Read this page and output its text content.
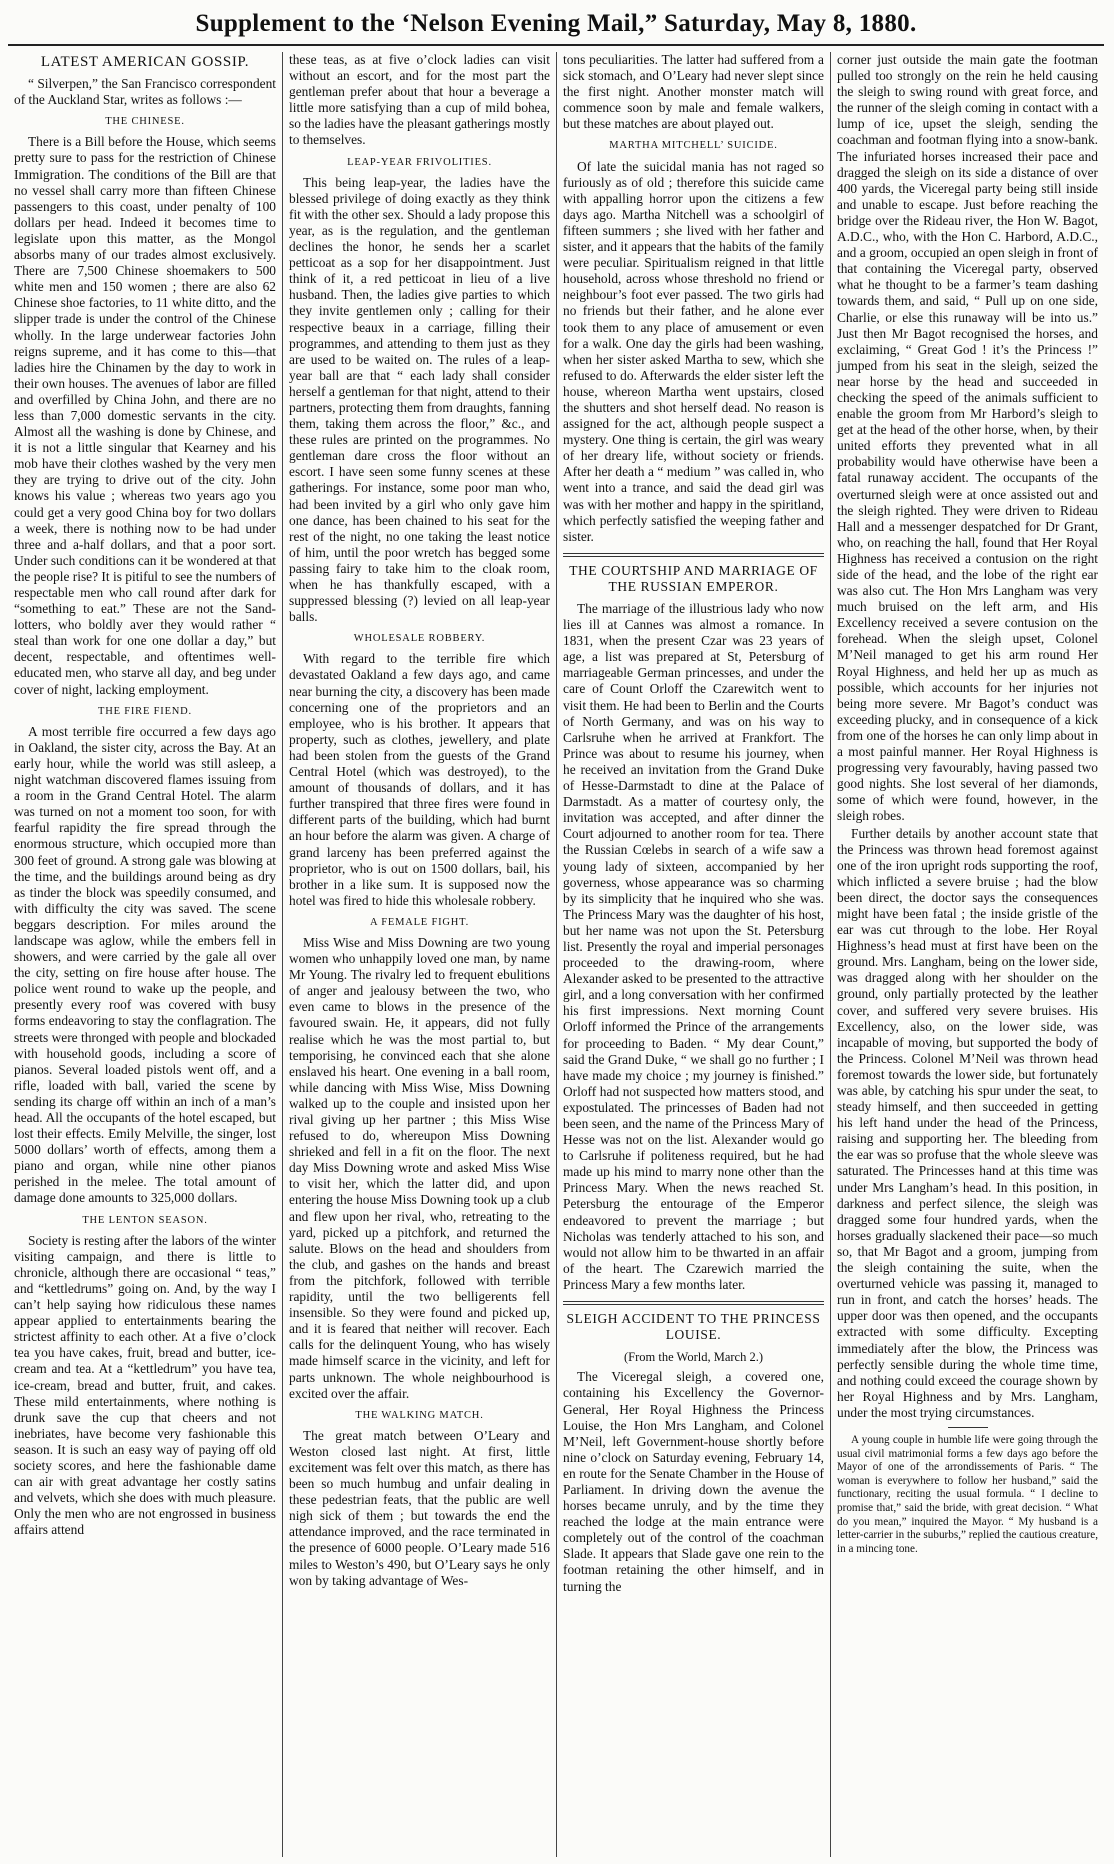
Supplement to the ‘Nelson Evening Mail,” Saturday, May 8, 1880.
LATEST AMERICAN GOSSIP.

“ Silverpen,” the San Francisco correspondent of the Auckland Star, writes as follows :—

THE CHINESE.

There is a Bill before the House, which seems pretty sure to pass for the restriction of Chinese Immigration. The conditions of the Bill are that no vessel shall carry more than fifteen Chinese passengers to this coast, under penalty of 100 dollars per head. Indeed it becomes time to legislate upon this matter, as the Mongol absorbs many of our trades almost exclusively. There are 7,500 Chinese shoemakers to 500 white men and 150 women ; there are also 62 Chinese shoe factories, to 11 white ditto, and the slipper trade is under the control of the Chinese wholly. In the large underwear factories John reigns supreme, and it has come to this—that ladies hire the Chinamen by the day to work in their own houses. The avenues of labor are filled and overfilled by China John, and there are no less than 7,000 domestic servants in the city. Almost all the washing is done by Chinese, and it is not a little singular that Kearney and his mob have their clothes washed by the very men they are trying to drive out of the city. John knows his value ; whereas two years ago you could get a very good China boy for two dollars a week, there is nothing now to be had under three and a-half dollars, and that a poor sort. Under such conditions can it be wondered at that the people rise? It is pitiful to see the numbers of respectable men who call round after dark for “something to eat.” These are not the Sand-lotters, who boldly aver they would rather “ steal than work for one one dollar a day,” but decent, respectable, and oftentimes well-educated men, who starve all day, and beg under cover of night, lacking employment.

THE FIRE FIEND.

A most terrible fire occurred a few days ago in Oakland, the sister city, across the Bay. At an early hour, while the world was still asleep, a night watchman discovered flames issuing from a room in the Grand Central Hotel. The alarm was turned on not a moment too soon, for with fearful rapidity the fire spread through the enormous structure, which occupied more than 300 feet of ground. A strong gale was blowing at the time, and the buildings around being as dry as tinder the block was speedily consumed, and with difficulty the city was saved. The scene beggars description. For miles around the landscape was aglow, while the embers fell in showers, and were carried by the gale all over the city, setting on fire house after house. The police went round to wake up the people, and presently every roof was covered with busy forms endeavoring to stay the conflagration. The streets were thronged with people and blockaded with household goods, including a score of pianos. Several loaded pistols went off, and a rifle, loaded with ball, varied the scene by sending its charge off within an inch of a man’s head. All the occupants of the hotel escaped, but lost their effects. Emily Melville, the singer, lost 5000 dollars’ worth of effects, among them a piano and organ, while nine other pianos perished in the melee. The total amount of damage done amounts to 325,000 dollars.

THE LENTON SEASON.

Society is resting after the labors of the winter visiting campaign, and there is little to chronicle, although there are occasional “ teas,” and “kettledrums” going on. And, by the way I can’t help saying how ridiculous these names appear applied to entertainments bearing the strictest affinity to each other. At a five o’clock tea you have cakes, fruit, bread and butter, ice-cream and tea. At a “kettledrum” you have tea, ice-cream, bread and butter, fruit, and cakes. These mild entertainments, where nothing is drunk save the cup that cheers and not inebriates, have become very fashionable this season. It is such an easy way of paying off old society scores, and here the fashionable dame can air with great advantage her costly satins and velvets, which she does with much pleasure. Only the men who are not engrossed in business affairs attend

these teas, as at five o’clock ladies can visit without an escort, and for the most part the gentleman prefer about that hour a beverage a little more satisfying than a cup of mild bohea, so the ladies have the pleasant gatherings mostly to themselves.

LEAP-YEAR FRIVOLITIES.

This being leap-year, the ladies have the blessed privilege of doing exactly as they think fit with the other sex. Should a lady propose this year, as is the regulation, and the gentleman declines the honor, he sends her a scarlet petticoat as a sop for her disappointment. Just think of it, a red petticoat in lieu of a live husband. Then, the ladies give parties to which they invite gentlemen only ; calling for their respective beaux in a carriage, filling their programmes, and attending to them just as they are used to be waited on. The rules of a leap-year ball are that “ each lady shall consider herself a gentleman for that night, attend to their partners, protecting them from draughts, fanning them, taking them across the floor,” &c., and these rules are printed on the programmes. No gentleman dare cross the floor without an escort. I have seen some funny scenes at these gatherings. For instance, some poor man who, had been invited by a girl who only gave him one dance, has been chained to his seat for the rest of the night, no one taking the least notice of him, until the poor wretch has begged some passing fairy to take him to the cloak room, when he has thankfully escaped, with a suppressed blessing (?) levied on all leap-year balls.

WHOLESALE ROBBERY.

With regard to the terrible fire which devastated Oakland a few days ago, and came near burning the city, a discovery has been made concerning one of the proprietors and an employee, who is his brother. It appears that property, such as clothes, jewellery, and plate had been stolen from the guests of the Grand Central Hotel (which was destroyed), to the amount of thousands of dollars, and it has further transpired that three fires were found in different parts of the building, which had burnt an hour before the alarm was given. A charge of grand larceny has been preferred against the proprietor, who is out on 1500 dollars, bail, his brother in a like sum. It is supposed now the hotel was fired to hide this wholesale robbery.

A FEMALE FIGHT.

Miss Wise and Miss Downing are two young women who unhappily loved one man, by name Mr Young. The rivalry led to frequent ebulitions of anger and jealousy between the two, who even came to blows in the presence of the favoured swain. He, it appears, did not fully realise which he was the most partial to, but temporising, he convinced each that she alone enslaved his heart. One evening in a ball room, while dancing with Miss Wise, Miss Downing walked up to the couple and insisted upon her rival giving up her partner ; this Miss Wise refused to do, whereupon Miss Downing shrieked and fell in a fit on the floor. The next day Miss Downing wrote and asked Miss Wise to visit her, which the latter did, and upon entering the house Miss Downing took up a club and flew upon her rival, who, retreating to the yard, picked up a pitchfork, and returned the salute. Blows on the head and shoulders from the club, and gashes on the hands and breast from the pitchfork, followed with terrible rapidity, until the two belligerents fell insensible. So they were found and picked up, and it is feared that neither will recover. Each calls for the delinquent Young, who has wisely made himself scarce in the vicinity, and left for parts unknown. The whole neighbourhood is excited over the affair.

THE WALKING MATCH.

The great match between O’Leary and Weston closed last night. At first, little excitement was felt over this match, as there has been so much humbug and unfair dealing in these pedestrian feats, that the public are well nigh sick of them ; but towards the end the attendance improved, and the race terminated in the presence of 6000 people. O’Leary made 516 miles to Weston’s 490, but O’Leary says he only won by taking advantage of Wes-

tons peculiarities. The latter had suffered from a sick stomach, and O’Leary had never slept since the first night. Another monster match will commence soon by male and female walkers, but these matches are about played out.

MARTHA MITCHELL’ SUICIDE.

Of late the suicidal mania has not raged so furiously as of old ; therefore this suicide came with appalling horror upon the citizens a few days ago. Martha Nitchell was a schoolgirl of fifteen summers ; she lived with her father and sister, and it appears that the habits of the family were peculiar. Spiritualism reigned in that little household, across whose threshold no friend or neighbour’s foot ever passed. The two girls had no friends but their father, and he alone ever took them to any place of amusement or even for a walk. One day the girls had been washing, when her sister asked Martha to sew, which she refused to do. Afterwards the elder sister left the house, whereon Martha went upstairs, closed the shutters and shot herself dead. No reason is assigned for the act, although people suspect a mystery. One thing is certain, the girl was weary of her dreary life, without society or friends. After her death a “ medium ” was called in, who went into a trance, and said the dead girl was was with her mother and happy in the spiritland, which perfectly satisfied the weeping father and sister.

THE COURTSHIP AND MARRIAGE OF THE RUSSIAN EMPEROR.

The marriage of the illustrious lady who now lies ill at Cannes was almost a romance. In 1831, when the present Czar was 23 years of age, a list was prepared at St, Petersburg of marriageable German princesses, and under the care of Count Orloff the Czarewitch went to visit them. He had been to Berlin and the Courts of North Germany, and was on his way to Carlsruhe when he arrived at Frankfort. The Prince was about to resume his journey, when he received an invitation from the Grand Duke of Hesse-Darmstadt to dine at the Palace of Darmstadt. As a matter of courtesy only, the invitation was accepted, and after dinner the Court adjourned to another room for tea. There the Russian Cœlebs in search of a wife saw a young lady of sixteen, accompanied by her governess, whose appearance was so charming by its simplicity that he inquired who she was. The Princess Mary was the daughter of his host, but her name was not upon the St. Petersburg list. Presently the royal and imperial personages proceeded to the drawing-room, where Alexander asked to be presented to the attractive girl, and a long conversation with her confirmed his first impressions. Next morning Count Orloff informed the Prince of the arrangements for proceeding to Baden. “ My dear Count,” said the Grand Duke, “ we shall go no further ; I have made my choice ; my journey is finished.” Orloff had not suspected how matters stood, and expostulated. The princesses of Baden had not been seen, and the name of the Princess Mary of Hesse was not on the list. Alexander would go to Carlsruhe if politeness required, but he had made up his mind to marry none other than the Princess Mary. When the news reached St. Petersburg the entourage of the Emperor endeavored to prevent the marriage ; but Nicholas was tenderly attached to his son, and would not allow him to be thwarted in an affair of the heart. The Czarewich married the Princess Mary a few months later.

SLEIGH ACCIDENT TO THE PRINCESS LOUISE.
(From the World, March 2.)

The Viceregal sleigh, a covered one, containing his Excellency the Governor-General, Her Royal Highness the Princess Louise, the Hon Mrs Langham, and Colonel M’Neil, left Government-house shortly before nine o’clock on Saturday evening, February 14, en route for the Senate Chamber in the House of Parliament. In driving down the avenue the horses became unruly, and by the time they reached the lodge at the main entrance were completely out of the control of the coachman Slade. It appears that Slade gave one rein to the footman retaining the other himself, and in turning the

corner just outside the main gate the footman pulled too strongly on the rein he held causing the sleigh to swing round with great force, and the runner of the sleigh coming in contact with a lump of ice, upset the sleigh, sending the coachman and footman flying into a snow-bank. The infuriated horses increased their pace and dragged the sleigh on its side a distance of over 400 yards, the Viceregal party being still inside and unable to escape. Just before reaching the bridge over the Rideau river, the Hon W. Bagot, A.D.C., who, with the Hon C. Harbord, A.D.C., and a groom, occupied an open sleigh in front of that containing the Viceregal party, observed what he thought to be a farmer’s team dashing towards them, and said, “ Pull up on one side, Charlie, or else this runaway will be into us.” Just then Mr Bagot recognised the horses, and exclaiming, “ Great God ! it’s the Princess !” jumped from his seat in the sleigh, seized the near horse by the head and succeeded in checking the speed of the animals sufficient to enable the groom from Mr Harbord’s sleigh to get at the head of the other horse, when, by their united efforts they prevented what in all probability would have otherwise have been a fatal runaway accident. The occupants of the overturned sleigh were at once assisted out and the sleigh righted. They were driven to Rideau Hall and a messenger despatched for Dr Grant, who, on reaching the hall, found that Her Royal Highness has received a contusion on the right side of the head, and the lobe of the right ear was also cut. The Hon Mrs Langham was very much bruised on the left arm, and His Excellency received a severe contusion on the forehead. When the sleigh upset, Colonel M’Neil managed to get his arm round Her Royal Highness, and held her up as much as possible, which accounts for her injuries not being more severe. Mr Bagot’s conduct was exceeding plucky, and in consequence of a kick from one of the horses he can only limp about in a most painful manner. Her Royal Highness is progressing very favourably, having passed two good nights. She lost several of her diamonds, some of which were found, however, in the sleigh robes.

Further details by another account state that the Princess was thrown head foremost against one of the iron upright rods supporting the roof, which inflicted a severe bruise ; had the blow been direct, the doctor says the consequences might have been fatal ; the inside gristle of the ear was cut through to the lobe. Her Royal Highness’s head must at first have been on the ground. Mrs. Langham, being on the lower side, was dragged along with her shoulder on the ground, only partially protected by the leather cover, and suffered very severe bruises. His Excellency, also, on the lower side, was incapable of moving, but supported the body of the Princess. Colonel M’Neil was thrown head foremost towards the lower side, but fortunately was able, by catching his spur under the seat, to steady himself, and then succeeded in getting his left hand under the head of the Princess, raising and supporting her. The bleeding from the ear was so profuse that the whole sleeve was saturated. The Princesses hand at this time was under Mrs Langham’s head. In this position, in darkness and perfect silence, the sleigh was dragged some four hundred yards, when the horses gradually slackened their pace—so much so, that Mr Bagot and a groom, jumping from the sleigh containing the suite, when the overturned vehicle was passing it, managed to run in front, and catch the horses’ heads. The upper door was then opened, and the occupants extracted with some difficulty. Excepting immediately after the blow, the Princess was perfectly sensible during the whole time time, and nothing could exceed the courage shown by her Royal Highness and by Mrs. Langham, under the most trying circumstances.

A young couple in humble life were going through the usual civil matrimonial forms a few days ago before the Mayor of one of the arrondissements of Paris. “ The woman is everywhere to follow her husband,” said the functionary, reciting the usual formula. “ I decline to promise that,” said the bride, with great decision. “ What do you mean,” inquired the Mayor. “ My husband is a letter-carrier in the suburbs,” replied the cautious creature, in a mincing tone.
